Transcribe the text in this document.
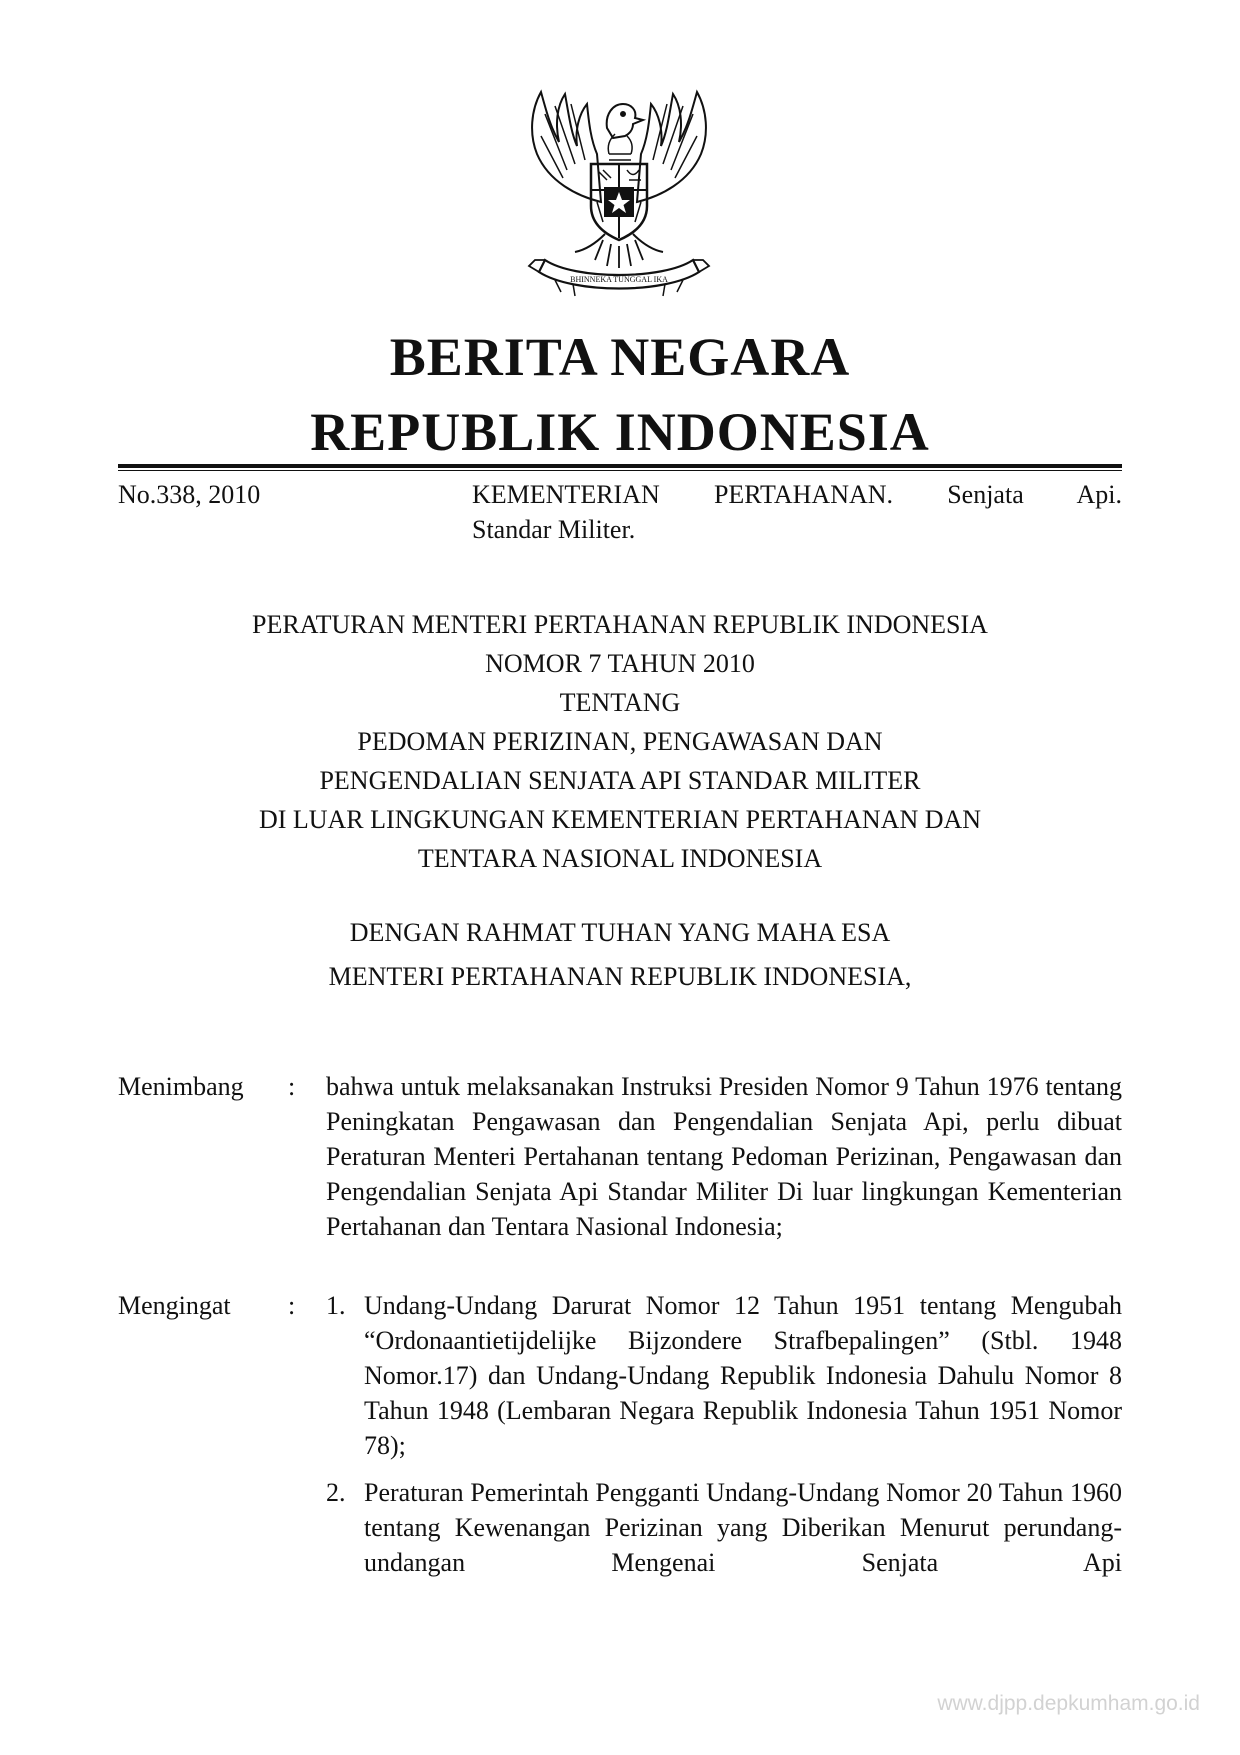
BHINNEKA TUNGGAL IKA
BERITA NEGARA
REPUBLIK INDONESIA
No.338, 2010	KEMENTERIAN PERTAHANAN. Senjata Api.
Standar Militer.
PERATURAN MENTERI PERTAHANAN REPUBLIK INDONESIA
NOMOR 7 TAHUN 2010
TENTANG
PEDOMAN PERIZINAN, PENGAWASAN DAN
PENGENDALIAN SENJATA API STANDAR MILITER
DI LUAR LINGKUNGAN KEMENTERIAN PERTAHANAN DAN
TENTARA NASIONAL INDONESIA
DENGAN RAHMAT TUHAN YANG MAHA ESA
MENTERI PERTAHANAN REPUBLIK INDONESIA,
Menimbang : bahwa untuk melaksanakan Instruksi Presiden Nomor 9 Tahun 1976 tentang Peningkatan Pengawasan dan Pengendalian Senjata Api, perlu dibuat Peraturan Menteri Pertahanan tentang Pedoman Perizinan, Pengawasan dan Pengendalian Senjata Api Standar Militer Di luar lingkungan Kementerian Pertahanan dan Tentara Nasional Indonesia;
Mengingat : 1. Undang-Undang Darurat Nomor 12 Tahun 1951 tentang Mengubah “Ordonaantietijdelijke Bijzondere Strafbepalingen” (Stbl. 1948 Nomor.17) dan Undang-Undang Republik Indonesia Dahulu Nomor 8 Tahun 1948 (Lembaran Negara Republik Indonesia Tahun 1951 Nomor 78);
2. Peraturan Pemerintah Pengganti Undang-Undang Nomor 20 Tahun 1960 tentang Kewenangan Perizinan yang Diberikan Menurut perundang-undangan Mengenai Senjata Api
www.djpp.depkumham.go.id
